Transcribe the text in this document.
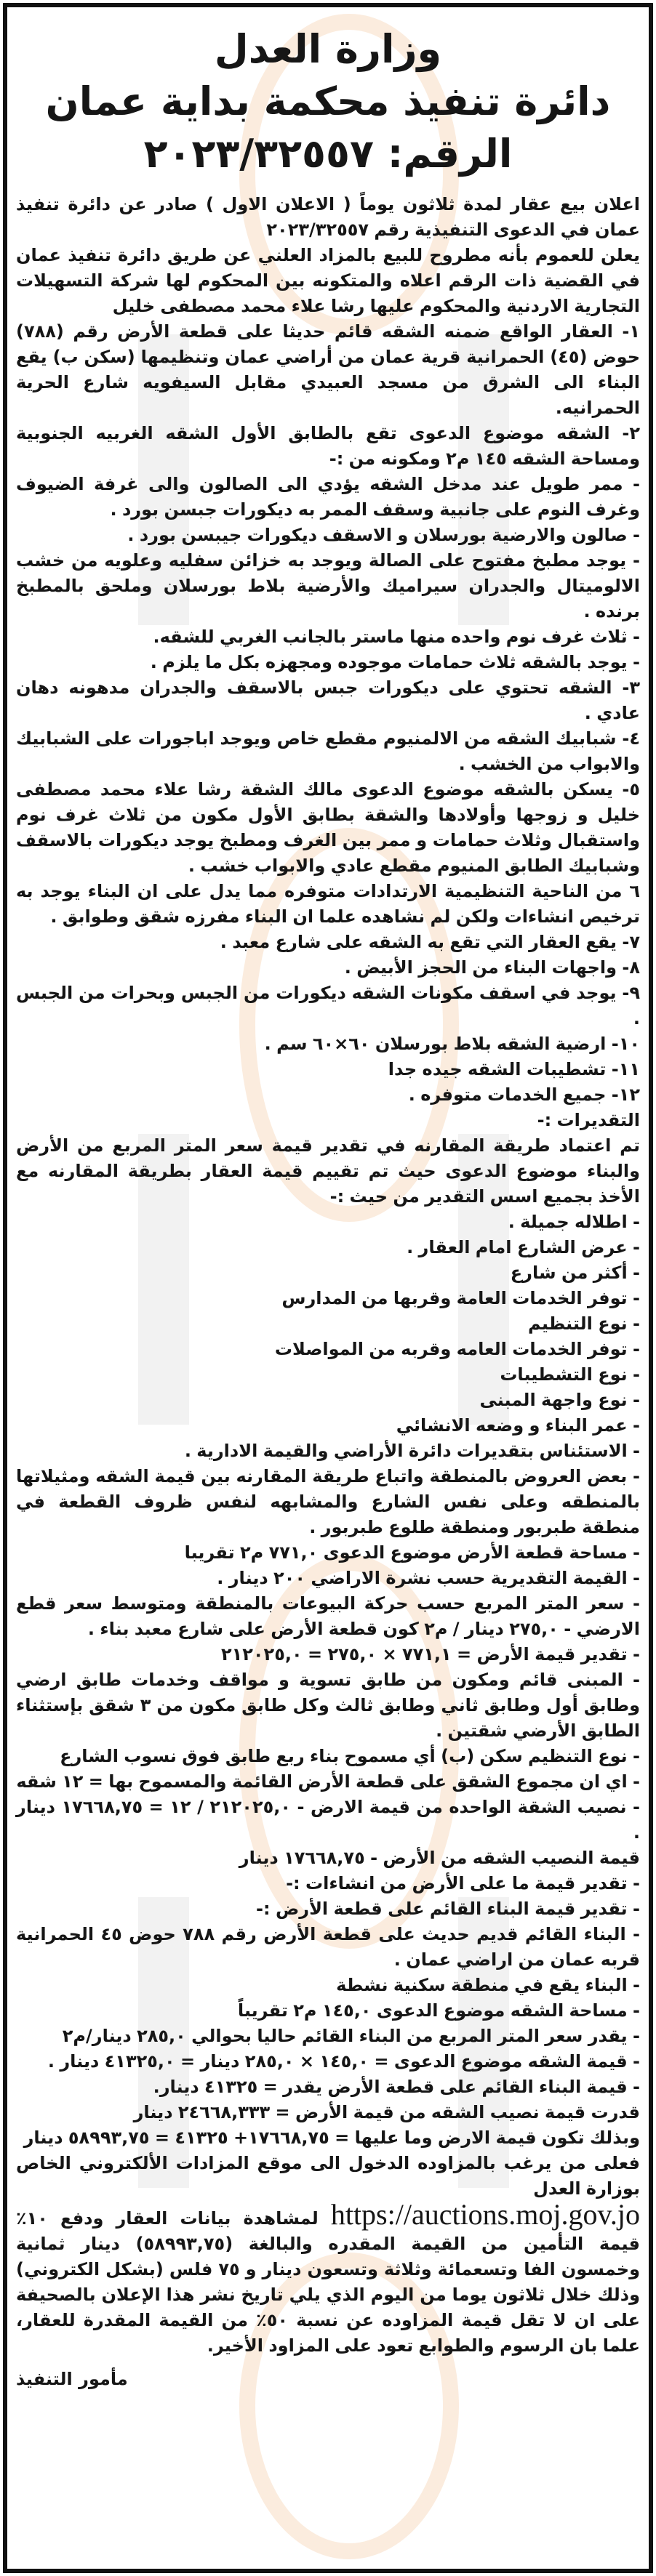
وزارة العدل
دائرة تنفيذ محكمة بداية عمان
الرقم: ٢٠٢٣/٣٢٥٥٧

اعلان بيع عقار لمدة ثلاثون يوماً ( الاعلان الاول ) صادر عن دائرة تنفيذ عمان في الدعوى التنفيذية رقم ٢٠٢٣/٣٢٥٥٧

يعلن للعموم بأنه مطروح للبيع بالمزاد العلني عن طريق دائرة تنفيذ عمان في القضية ذات الرقم اعلاه والمتكونه بين المحكوم لها شركة التسهيلات التجارية الاردنية والمحكوم عليها رشا علاء محمد مصطفى خليل

١- العقار الواقع ضمنه الشقه قائم حديثا على قطعة الأرض رقم (٧٨٨) حوض (٤٥) الحمرانية قرية عمان من أراضي عمان وتنظيمها (سكن ب) يقع البناء الى الشرق من مسجد العبيدي مقابل السيفويه شارع الحرية الحمرانيه.

٢- الشقه موضوع الدعوى تقع بالطابق الأول الشقه الغربيه الجنوبية ومساحة الشقه ١٤٥ م٢ ومكونه من :-

- ممر طويل عند مدخل الشقه يؤدي الى الصالون والى غرفة الضيوف وغرف النوم على جانبية وسقف الممر به ديكورات جبسن بورد .

- صالون والارضية بورسلان و الاسقف ديكورات جيبسن بورد .

- يوجد مطبخ مفتوح على الصالة ويوجد به خزائن سفليه وعلويه من خشب الالوميتال والجدران سيراميك والأرضية بلاط بورسلان وملحق بالمطبخ برنده .

- ثلاث غرف نوم واحده منها ماستر بالجانب الغربي للشقه.

- يوجد بالشقه ثلاث حمامات موجوده ومجهزه بكل ما يلزم .

٣- الشقه تحتوي على ديكورات جبس بالاسقف والجدران مدهونه دهان عادي .

٤- شبابيك الشقه من الالمنيوم مقطع خاص ويوجد اباجورات على الشبابيك والابواب من الخشب .

٥- يسكن بالشقه موضوع الدعوى مالك الشقة رشا علاء محمد مصطفى خليل و زوجها وأولادها والشقة بطابق الأول مكون من ثلاث غرف نوم واستقبال وثلاث حمامات و ممر بين الغرف ومطبخ يوجد ديكورات بالاسقف وشبابيك الطابق المنيوم مقطع عادي والابواب خشب .

٦ من الناحية التنظيمية الارتدادات متوفره مما يدل على ان البناء يوجد به ترخيص انشاءات ولكن لم نشاهده علما ان البناء مفرزه شقق وطوابق .

٧- يقع العقار التي تقع به الشقه على شارع معبد .

٨- واجهات البناء من الحجز الأبيض .

٩- يوجد في اسقف مكونات الشقه ديكورات من الجبس وبحرات من الجبس .

١٠- ارضية الشقه بلاط بورسلان ٦٠×٦٠ سم .

١١- تشطيبات الشقه جيده جدا

١٢- جميع الخدمات متوفره .

التقديرات :-

تم اعتماد طريقة المقارنه في تقدير قيمة سعر المتر المربع من الأرض والبناء موضوع الدعوى حيث تم تقييم قيمة العقار بطريقة المقارنه مع الأخذ بجميع اسس التقدير من حيث :-

- اطلاله جميلة .

- عرض الشارع امام العقار .

- أكثر من شارع

- توفر الخدمات العامة وقربها من المدارس

- نوع التنظيم

- توفر الخدمات العامه وقربه من المواصلات

- نوع التشطيبات

- نوع واجهة المبنى

- عمر البناء و وضعه الانشائي

- الاستئناس بتقديرات دائرة الأراضي والقيمة الادارية .

- بعض العروض بالمنطقة واتباع طريقة المقارنه بين قيمة الشقه ومثيلاتها بالمنطقه وعلى نفس الشارع والمشابهه لنفس ظروف القطعة في منطقة طبربور ومنطقة طلوع طبربور .

- مساحة قطعة الأرض موضوع الدعوى ٧٧١,٠ م٢ تقريبا

- القيمة التقديرية حسب نشرة الاراضي ٢٠٠ دينار .

- سعر المتر المربع حسب حركة البيوعات بالمنطقة ومتوسط سعر قطع الارضي - ٢٧٥,٠ دينار / م٢ كون قطعة الأرض على شارع معبد بناء .

- تقدير قيمة الأرض = ٧٧١,١ × ٢٧٥,٠ = ٢١٢٠٢٥,٠

- المبنى قائم ومكون من طابق تسوية و مواقف وخدمات طابق ارضي وطابق أول وطابق ثاني وطابق ثالث وكل طابق مكون من ٣ شقق بإستثناء الطابق الأرضي شقتين .

- نوع التنظيم سكن (ب) أي مسموح بناء ربع طابق فوق نسوب الشارع

- اي ان مجموع الشقق على قطعة الأرض القائمة والمسموح بها = ١٢ شقه

- نصيب الشقة الواحده من قيمة الارض - ٢١٢٠٢٥,٠ / ١٢ = ١٧٦٦٨,٧٥ دينار .

قيمة النصيب الشقه من الأرض - ١٧٦٦٨,٧٥ دينار

- تقدير قيمة ما على الأرض من انشاءات :-

- تقدير قيمة البناء القائم على قطعة الأرض :-

- البناء القائم قديم حديث على قطعة الأرض رقم ٧٨٨ حوض ٤٥ الحمرانية قربه عمان من اراضي عمان .

- البناء يقع في منطقة سكنية نشطة

- مساحة الشقه موضوع الدعوى ١٤٥,٠ م٢ تقريباً

- يقدر سعر المتر المربع من البناء القائم حاليا بحوالي ٢٨٥,٠ دينار/م٢

- قيمة الشقه موضوع الدعوى = ١٤٥,٠ × ٢٨٥,٠ دينار = ٤١٣٢٥,٠ دينار .

- قيمة البناء القائم على قطعة الأرض يقدر = ٤١٣٢٥ دينار.

قدرت قيمة نصيب الشقه من قيمة الأرض = ٢٤٦٦٨,٣٣٣ دينار

وبذلك تكون قيمة الارض وما عليها = ١٧٦٦٨,٧٥+ ٤١٣٢٥ = ٥٨٩٩٣,٧٥ دينار

فعلى من يرغب بالمزاوده الدخول الى موقع المزادات الألكتروني الخاص بوزارة العدل

https://auctions.moj.gov.jo لمشاهدة بيانات العقار ودفع ١٠٪ قيمة التأمين من القيمة المقدره والبالغة (٥٨٩٩٣,٧٥) دينار ثمانية وخمسون الفا وتسعمائة وثلاثة وتسعون دينار و ٧٥ فلس (بشكل الكتروني) وذلك خلال ثلاثون يوما من اليوم الذي يلي تاريخ نشر هذا الإعلان بالصحيفة على ان لا تقل قيمة المزاوده عن نسبة ٥٠٪ من القيمة المقدرة للعقار، علما بان الرسوم والطوابع تعود على المزاود الأخير.
مأمور التنفيذ
